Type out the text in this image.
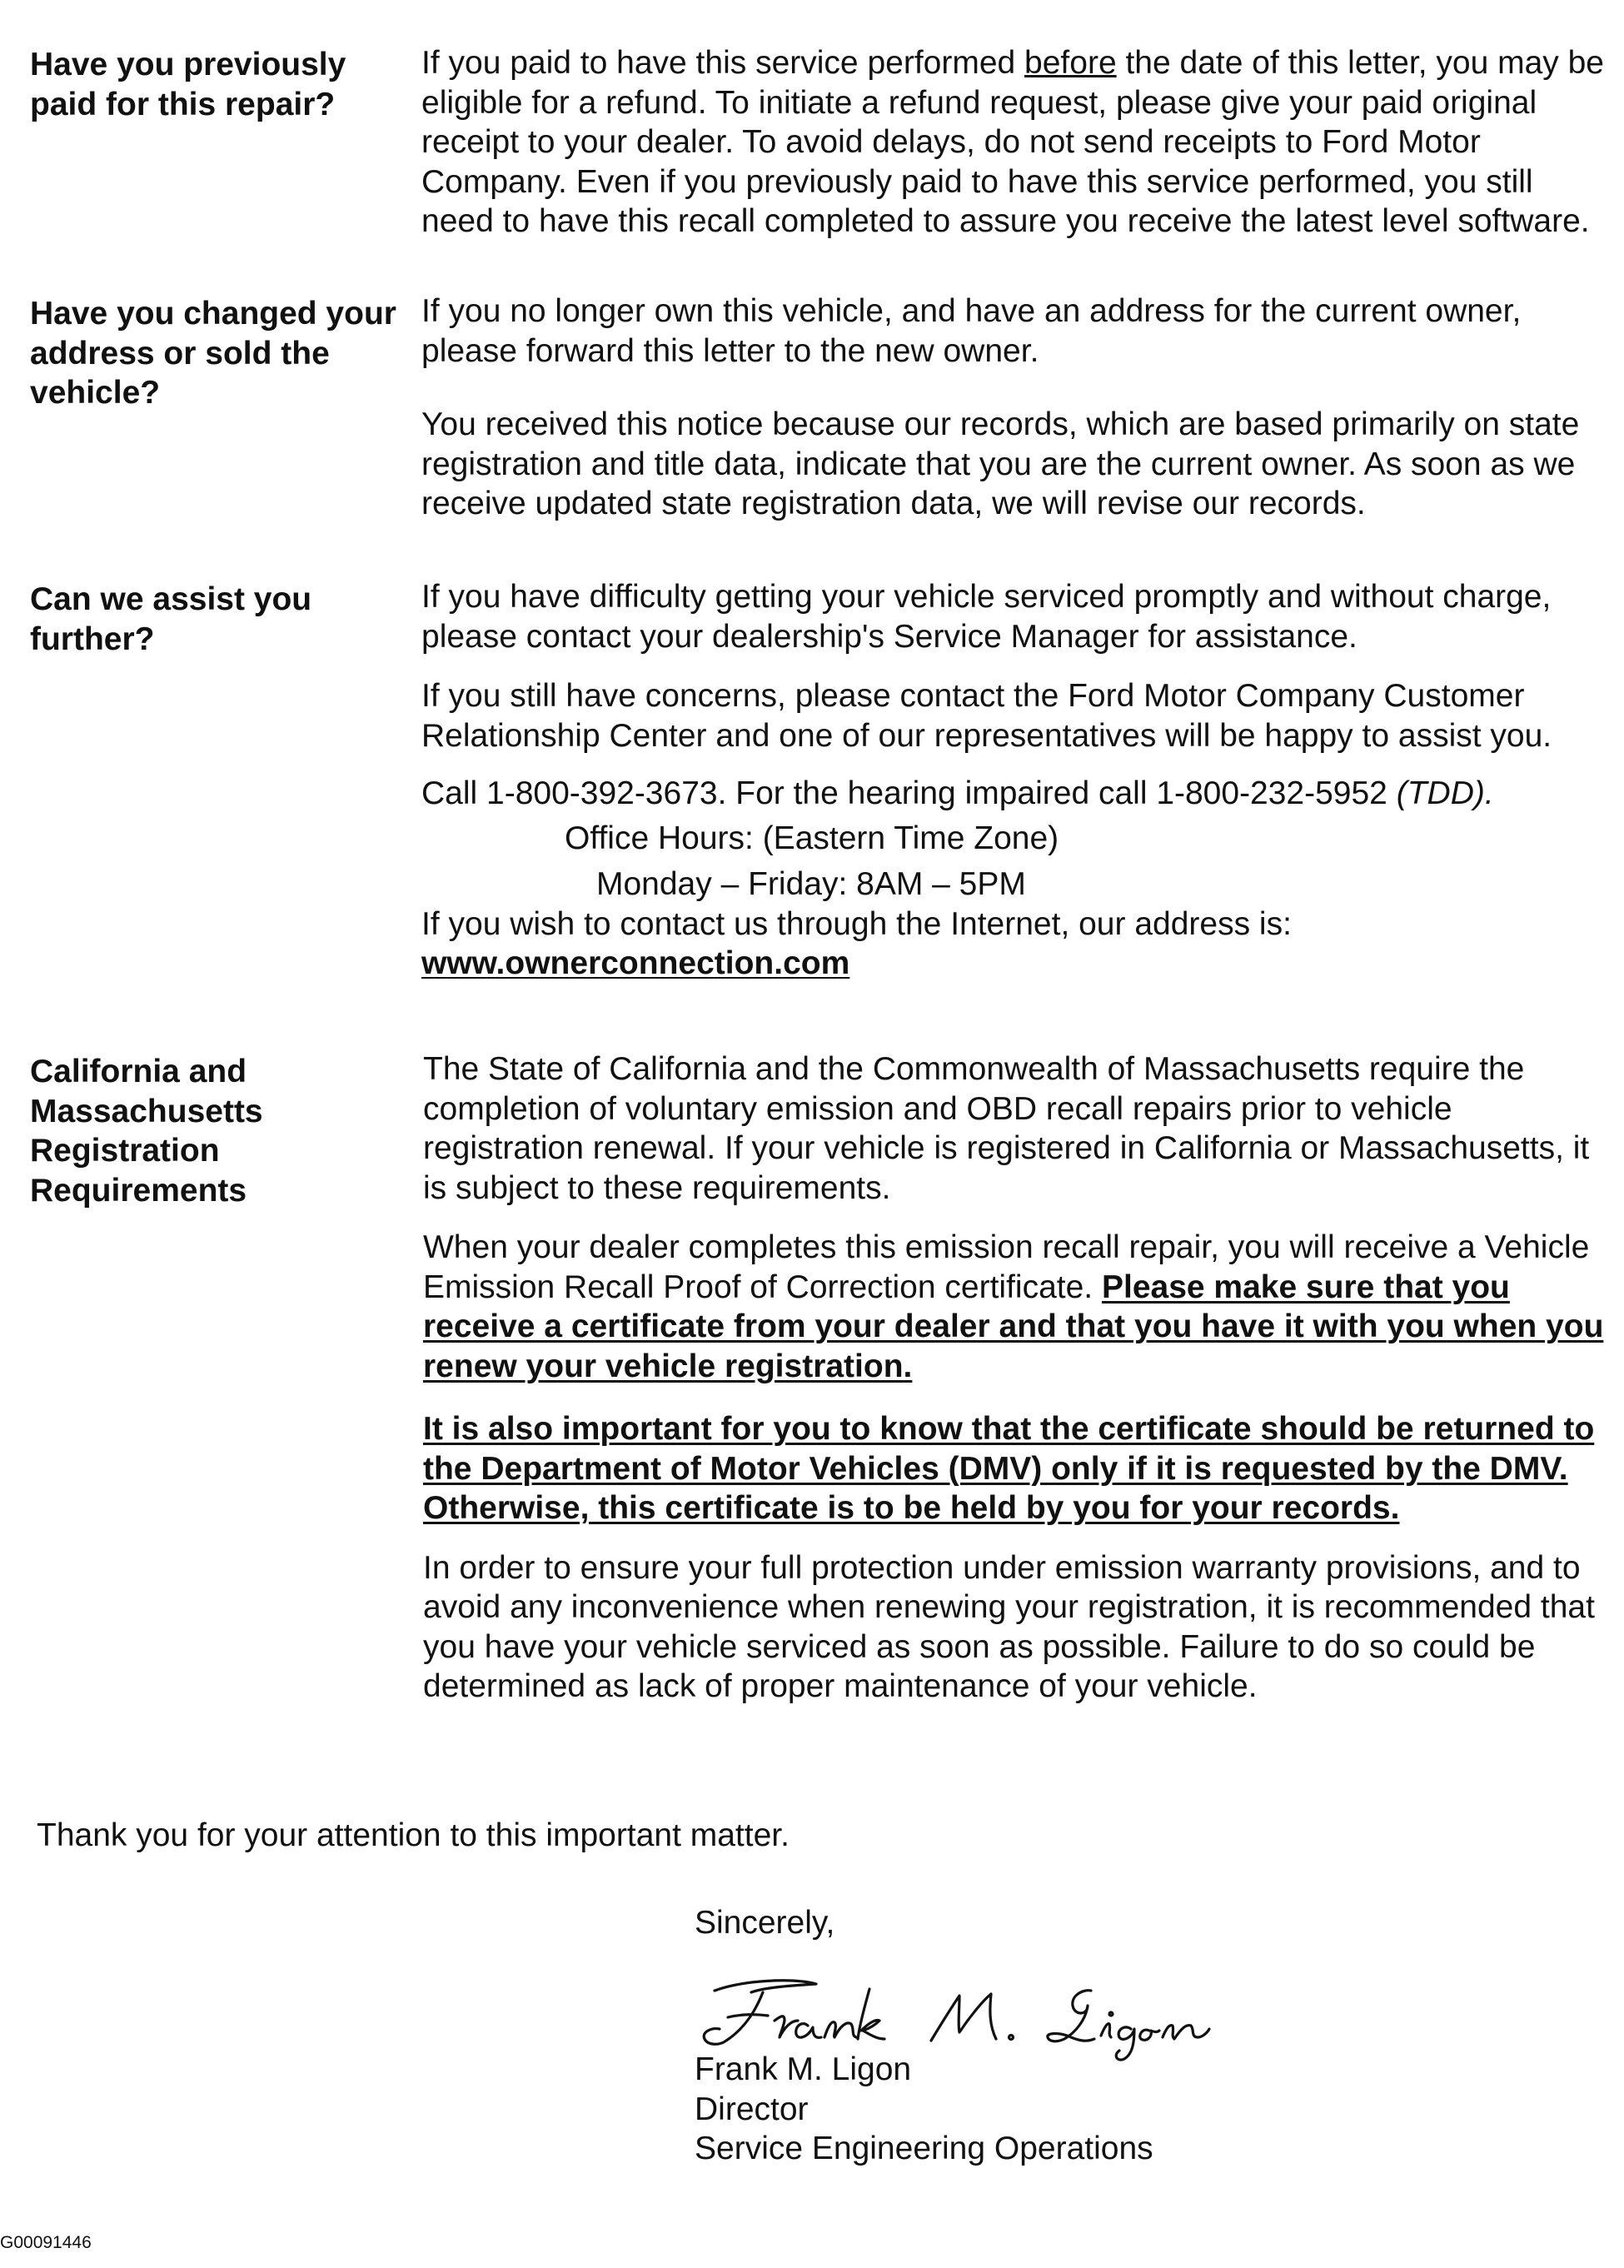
Have you previously paid for this repair?

If you paid to have this service performed before the date of this letter, you may be eligible for a refund. To initiate a refund request, please give your paid original receipt to your dealer. To avoid delays, do not send receipts to Ford Motor Company. Even if you previously paid to have this service performed, you still need to have this recall completed to assure you receive the latest level software.

Have you changed your address or sold the vehicle?

If you no longer own this vehicle, and have an address for the current owner, please forward this letter to the new owner.

You received this notice because our records, which are based primarily on state registration and title data, indicate that you are the current owner. As soon as we receive updated state registration data, we will revise our records.

Can we assist you further?

If you have difficulty getting your vehicle serviced promptly and without charge, please contact your dealership's Service Manager for assistance.

If you still have concerns, please contact the Ford Motor Company Customer Relationship Center and one of our representatives will be happy to assist you.

Call 1-800-392-3673. For the hearing impaired call 1-800-232-5952 (TDD).

Office Hours: (Eastern Time Zone)

Monday – Friday: 8AM – 5PM

If you wish to contact us through the Internet, our address is:

www.ownerconnection.com

California and Massachusetts Registration Requirements

The State of California and the Commonwealth of Massachusetts require the completion of voluntary emission and OBD recall repairs prior to vehicle registration renewal. If your vehicle is registered in California or Massachusetts, it is subject to these requirements.

When your dealer completes this emission recall repair, you will receive a Vehicle Emission Recall Proof of Correction certificate. Please make sure that you receive a certificate from your dealer and that you have it with you when you renew your vehicle registration.

It is also important for you to know that the certificate should be returned to the Department of Motor Vehicles (DMV) only if it is requested by the DMV. Otherwise, this certificate is to be held by you for your records.

In order to ensure your full protection under emission warranty provisions, and to avoid any inconvenience when renewing your registration, it is recommended that you have your vehicle serviced as soon as possible. Failure to do so could be determined as lack of proper maintenance of your vehicle.

Thank you for your attention to this important matter.
Sincerely,
Frank M. Ligon
Director
Service Engineering Operations
G00091446
